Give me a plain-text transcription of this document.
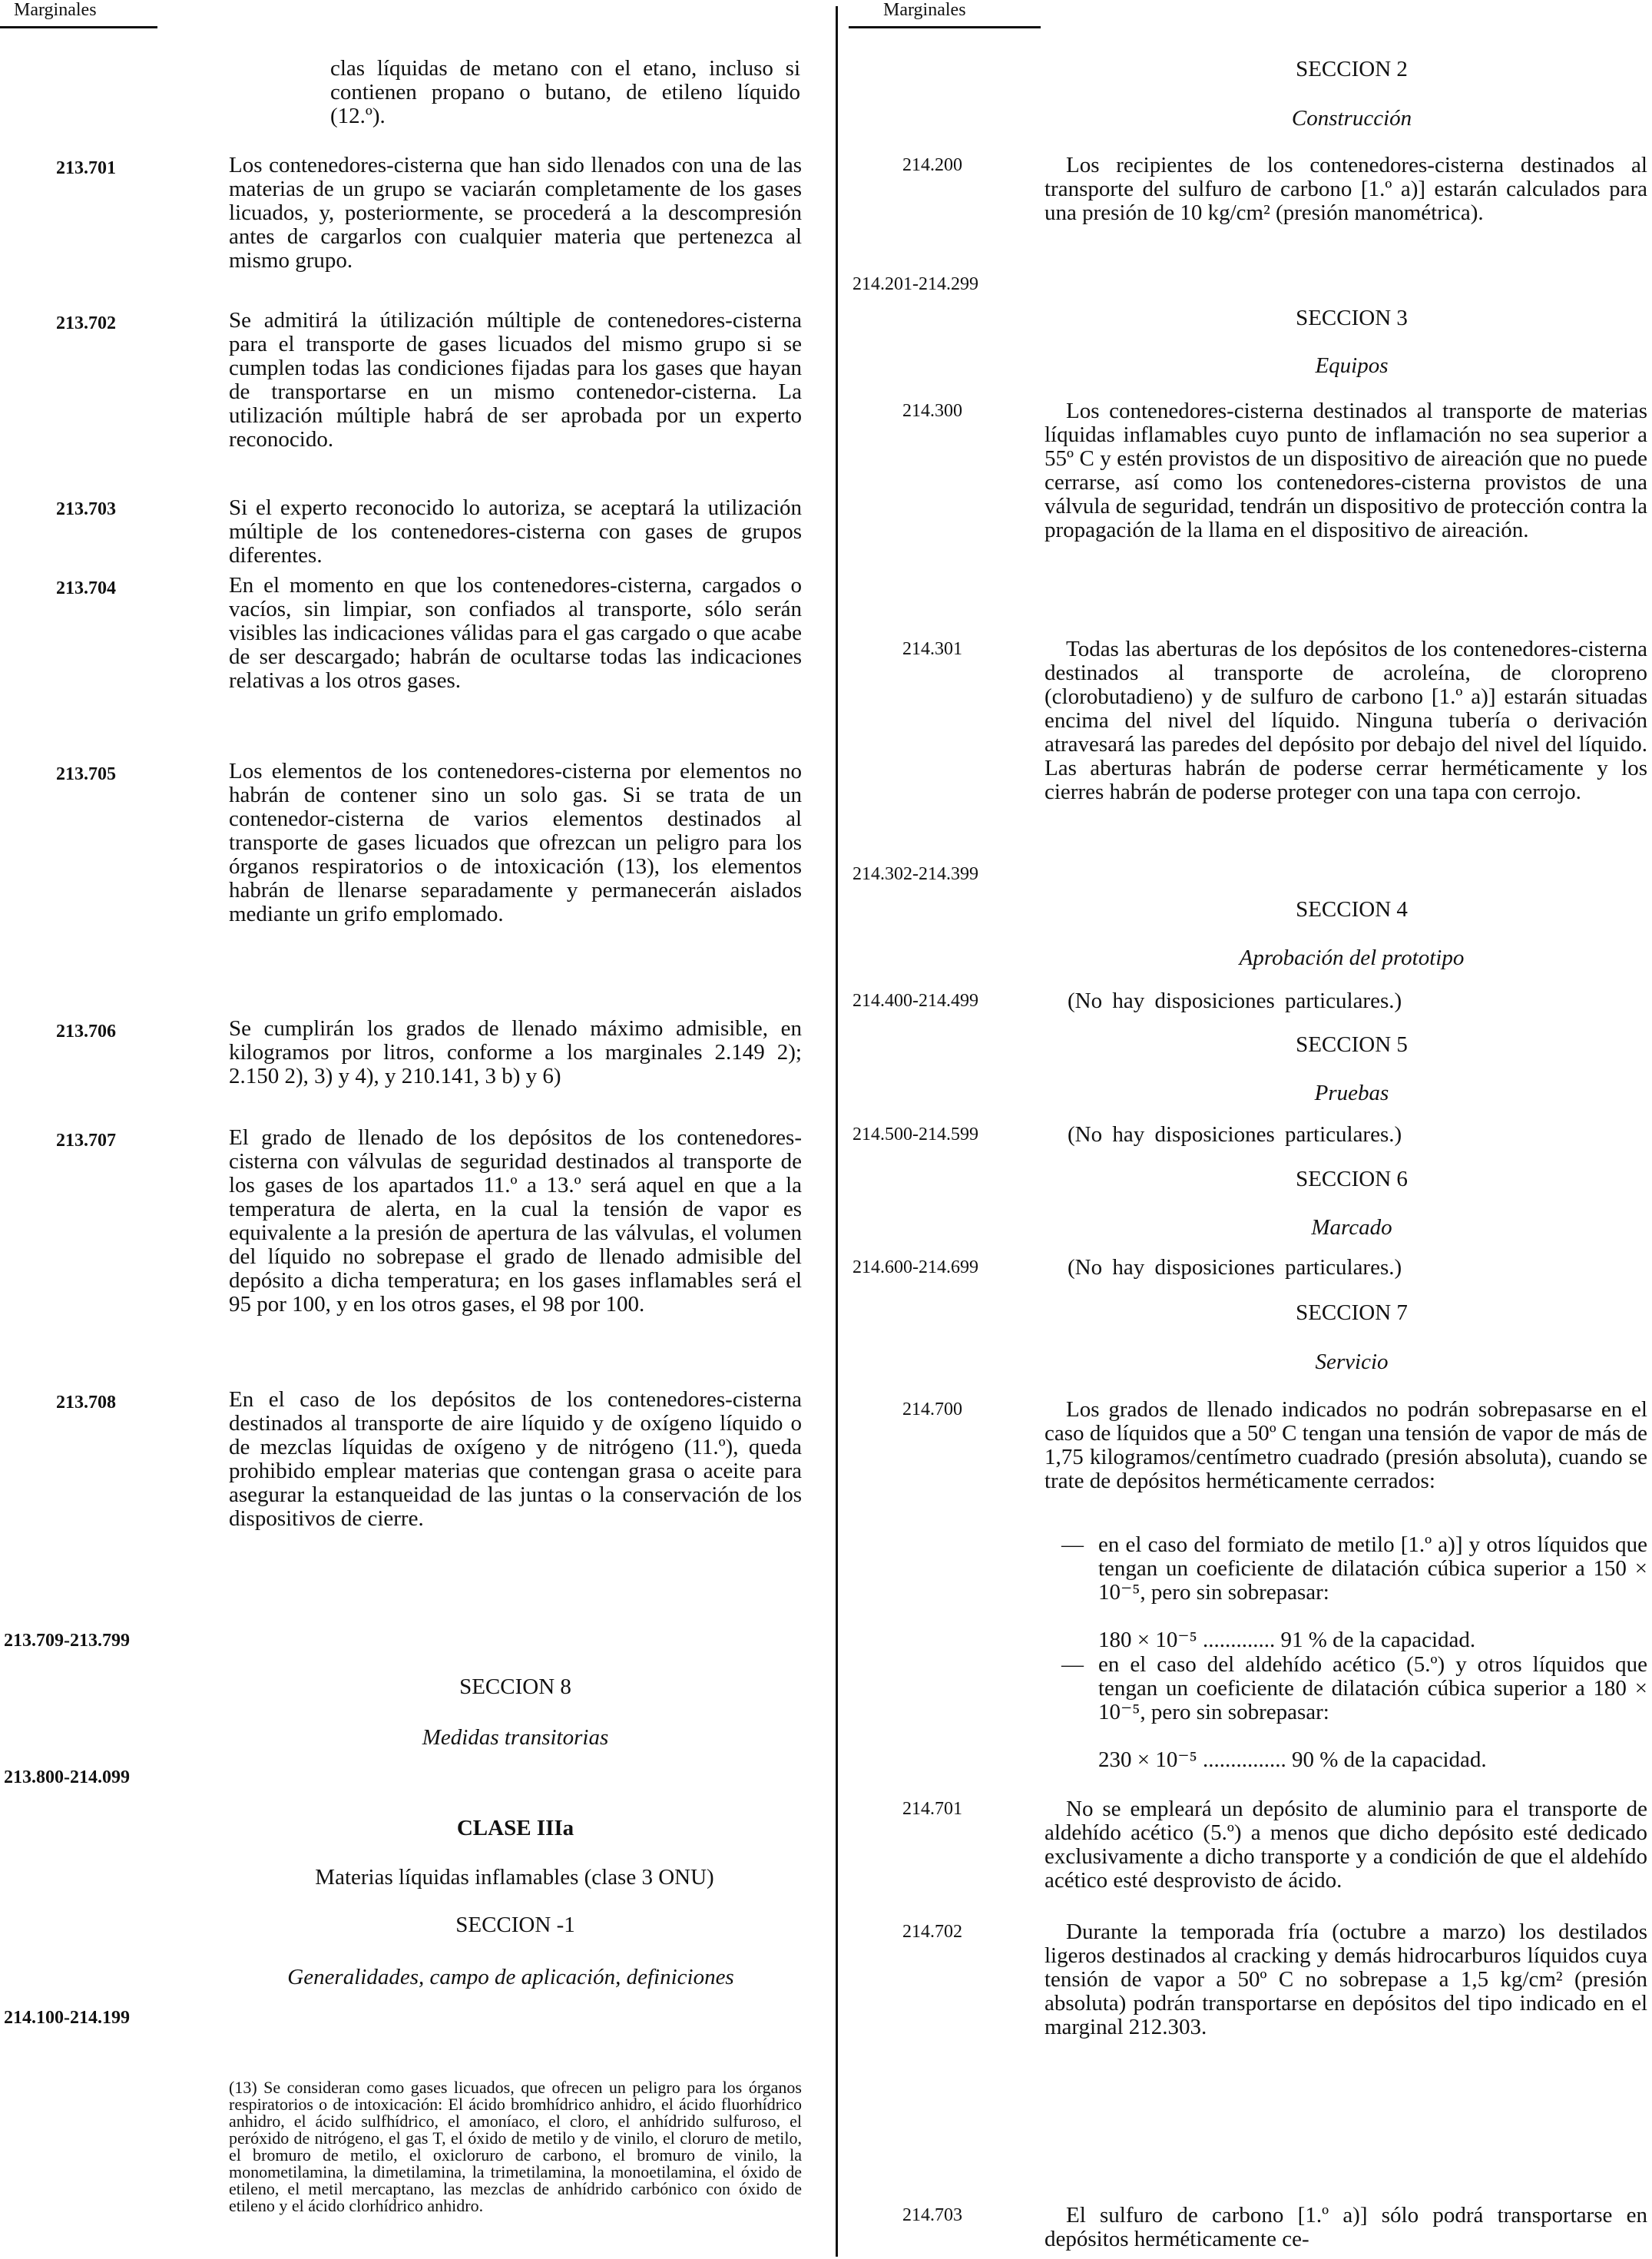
Marginales	Marginales
clas líquidas de metano con el etano, incluso si contienen propano o butano, de etileno líquido (12.º).
213.701	Los contenedores-cisterna que han sido llenados con una de las materias de un grupo se vaciarán completamente de los gases licuados, y, posteriormente, se procederá a la descompresión antes de cargarlos con cualquier materia que pertenezca al mismo grupo.
213.702	Se admitirá la útilización múltiple de contenedores-cisterna para el transporte de gases licuados del mismo grupo si se cumplen todas las condiciones fijadas para los gases que hayan de transportarse en un mismo contenedor-cisterna. La utilización múltiple habrá de ser aprobada por un experto reconocido.
213.703	Si el experto reconocido lo autoriza, se aceptará la utilización múltiple de los contenedores-cisterna con gases de grupos diferentes.
213.704	En el momento en que los contenedores-cisterna, cargados o vacíos, sin limpiar, son confiados al transporte, sólo serán visibles las indicaciones válidas para el gas cargado o que acabe de ser descargado; habrán de ocultarse todas las indicaciones relativas a los otros gases.
213.705	Los elementos de los contenedores-cisterna por elementos no habrán de contener sino un solo gas. Si se trata de un contenedor-cisterna de varios elementos destinados al transporte de gases licuados que ofrezcan un peligro para los órganos respiratorios o de intoxicación (13), los elementos habrán de llenarse separadamente y permanecerán aislados mediante un grifo emplomado.
213.706	Se cumplirán los grados de llenado máximo admisible, en kilogramos por litros, conforme a los marginales 2.149 2); 2.150 2), 3) y 4), y 210.141, 3 b) y 6)
213.707	El grado de llenado de los depósitos de los contenedores-cisterna con válvulas de seguridad destinados al transporte de los gases de los apartados 11.º a 13.º será aquel en que a la temperatura de alerta, en la cual la tensión de vapor es equivalente a la presión de apertura de las válvulas, el volumen del líquido no sobrepase el grado de llenado admisible del depósito a dicha temperatura; en los gases inflamables será el 95 por 100, y en los otros gases, el 98 por 100.
213.708	En el caso de los depósitos de los contenedores-cisterna destinados al transporte de aire líquido y de oxígeno líquido o de mezclas líquidas de oxígeno y de nitrógeno (11.º), queda prohibido emplear materias que contengan grasa o aceite para asegurar la estanqueidad de las juntas o la conservación de los dispositivos de cierre.
213.709-213.799
SECCION 8
Medidas transitorias
213.800-214.099
CLASE IIIa
Materias líquidas inflamables (clase 3 ONU)
SECCION -1
Generalidades, campo de aplicación, definiciones
214.100-214.199
(13) Se consideran como gases licuados, que ofrecen un peligro para los órganos respiratorios o de intoxicación: El ácido bromhídrico anhidro, el ácido fluorhídrico anhidro, el ácido sulfhídrico, el amoníaco, el cloro, el anhídrido sulfuroso, el peróxido de nitrógeno, el gas T, el óxido de metilo y de vinilo, el cloruro de metilo, el bromuro de metilo, el oxicloruro de carbono, el bromuro de vinilo, la monometilamina, la dimetilamina, la trimetilamina, la monoetilamina, el óxido de etileno, el metil mercaptano, las mezclas de anhídrido carbónico con óxido de etileno y el ácido clorhídrico anhidro.
SECCION 2
Construcción
214.200	Los recipientes de los contenedores-cisterna destinados al transporte del sulfuro de carbono [1.º a)] estarán calculados para una presión de 10 kg/cm² (presión manométrica).
214.201-214.299
SECCION 3
Equipos
214.300	Los contenedores-cisterna destinados al transporte de materias líquidas inflamables cuyo punto de inflamación no sea superior a 55º C y estén provistos de un dispositivo de aireación que no puede cerrarse, así como los contenedores-cisterna provistos de una válvula de seguridad, tendrán un dispositivo de protección contra la propagación de la llama en el dispositivo de aireación.
214.301	Todas las aberturas de los depósitos de los contenedores-cisterna destinados al transporte de acroleína, de cloropreno (clorobutadieno) y de sulfuro de carbono [1.º a)] estarán situadas encima del nivel del líquido. Ninguna tubería o derivación atravesará las paredes del depósito por debajo del nivel del líquido. Las aberturas habrán de poderse cerrar herméticamente y los cierres habrán de poderse proteger con una tapa con cerrojo.
214.302-214.399
SECCION 4
Aprobación del prototipo
214.400-214.499	(No hay disposiciones particulares.)
SECCION 5
Pruebas
214.500-214.599	(No hay disposiciones particulares.)
SECCION 6
Marcado
214.600-214.699	(No hay disposiciones particulares.)
SECCION 7
Servicio
214.700	Los grados de llenado indicados no podrán sobrepasarse en el caso de líquidos que a 50º C tengan una tensión de vapor de más de 1,75 kilogramos/centímetro cuadrado (presión absoluta), cuando se trate de depósitos herméticamente cerrados:
— en el caso del formiato de metilo [1.º a)] y otros líquidos que tengan un coeficiente de dilatación cúbica superior a 150 × 10⁻⁵, pero sin sobrepasar:
180 × 10⁻⁵ ............. 91 % de la capacidad.
— en el caso del aldehído acético (5.º) y otros líquidos que tengan un coeficiente de dilatación cúbica superior a 180 × 10⁻⁵, pero sin sobrepasar:
230 × 10⁻⁵ ............... 90 % de la capacidad.
214.701	No se empleará un depósito de aluminio para el transporte de aldehído acético (5.º) a menos que dicho depósito esté dedicado exclusivamente a dicho transporte y a condición de que el aldehído acético esté desprovisto de ácido.
214.702	Durante la temporada fría (octubre a marzo) los destilados ligeros destinados al cracking y demás hidrocarburos líquidos cuya tensión de vapor a 50º C no sobrepase a 1,5 kg/cm² (presión absoluta) podrán transportarse en depósitos del tipo indicado en el marginal 212.303.
214.703	El sulfuro de carbono [1.º a)] sólo podrá transportarse en depósitos herméticamente ce-
